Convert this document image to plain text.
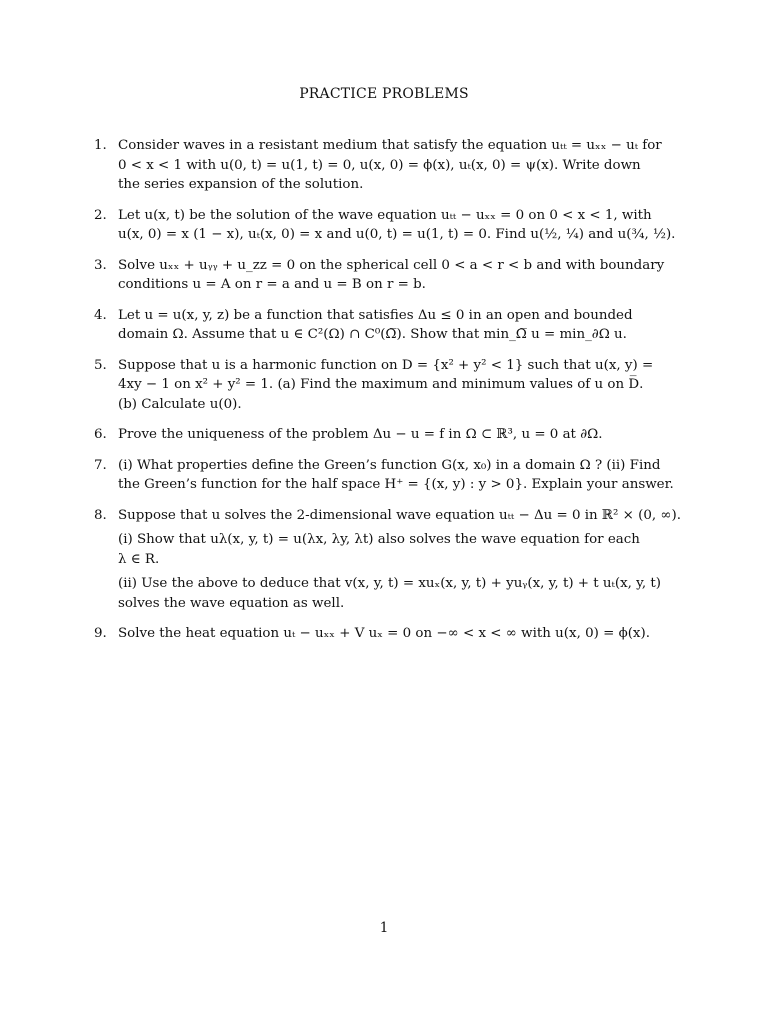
PRACTICE PROBLEMS
1. Consider waves in a resistant medium that satisfy the equation uₜₜ = uₓₓ − uₜ for
0 < x < 1 with u(0, t) = u(1, t) = 0, u(x, 0) = ϕ(x), uₜ(x, 0) = ψ(x). Write down
the series expansion of the solution.
2. Let u(x, t) be the solution of the wave equation uₜₜ − uₓₓ = 0 on 0 < x < 1, with
u(x, 0) = x (1 − x), uₜ(x, 0) = x and u(0, t) = u(1, t) = 0. Find u(½, ¼) and u(¾, ½).
3. Solve uₓₓ + uᵧᵧ + u_zz = 0 on the spherical cell 0 < a < r < b and with boundary
conditions u = A on r = a and u = B on r = b.
4. Let u = u(x, y, z) be a function that satisfies Δu ≤ 0 in an open and bounded
domain Ω. Assume that u ∈ C²(Ω) ∩ C⁰(Ω̅). Show that min_Ω̅ u = min_∂Ω u.
5. Suppose that u is a harmonic function on D = {x² + y² < 1} such that u(x, y) =
4xy − 1 on x² + y² = 1. (a) Find the maximum and minimum values of u on D̅.
(b) Calculate u(0).
6. Prove the uniqueness of the problem Δu − u = f in Ω ⊂ ℝ³, u = 0 at ∂Ω.
7. (i) What properties define the Green’s function G(x, x₀) in a domain Ω ? (ii) Find
the Green’s function for the half space H⁺ = {(x, y) : y > 0}. Explain your answer.
8. Suppose that u solves the 2-dimensional wave equation uₜₜ − Δu = 0 in ℝ² × (0, ∞).
(i) Show that uλ(x, y, t) = u(λx, λy, λt) also solves the wave equation for each
λ ∈ R.
(ii) Use the above to deduce that v(x, y, t) = xuₓ(x, y, t) + yuᵧ(x, y, t) + t uₜ(x, y, t)
solves the wave equation as well.
9. Solve the heat equation uₜ − uₓₓ + V uₓ = 0 on −∞ < x < ∞ with u(x, 0) = ϕ(x).
1
